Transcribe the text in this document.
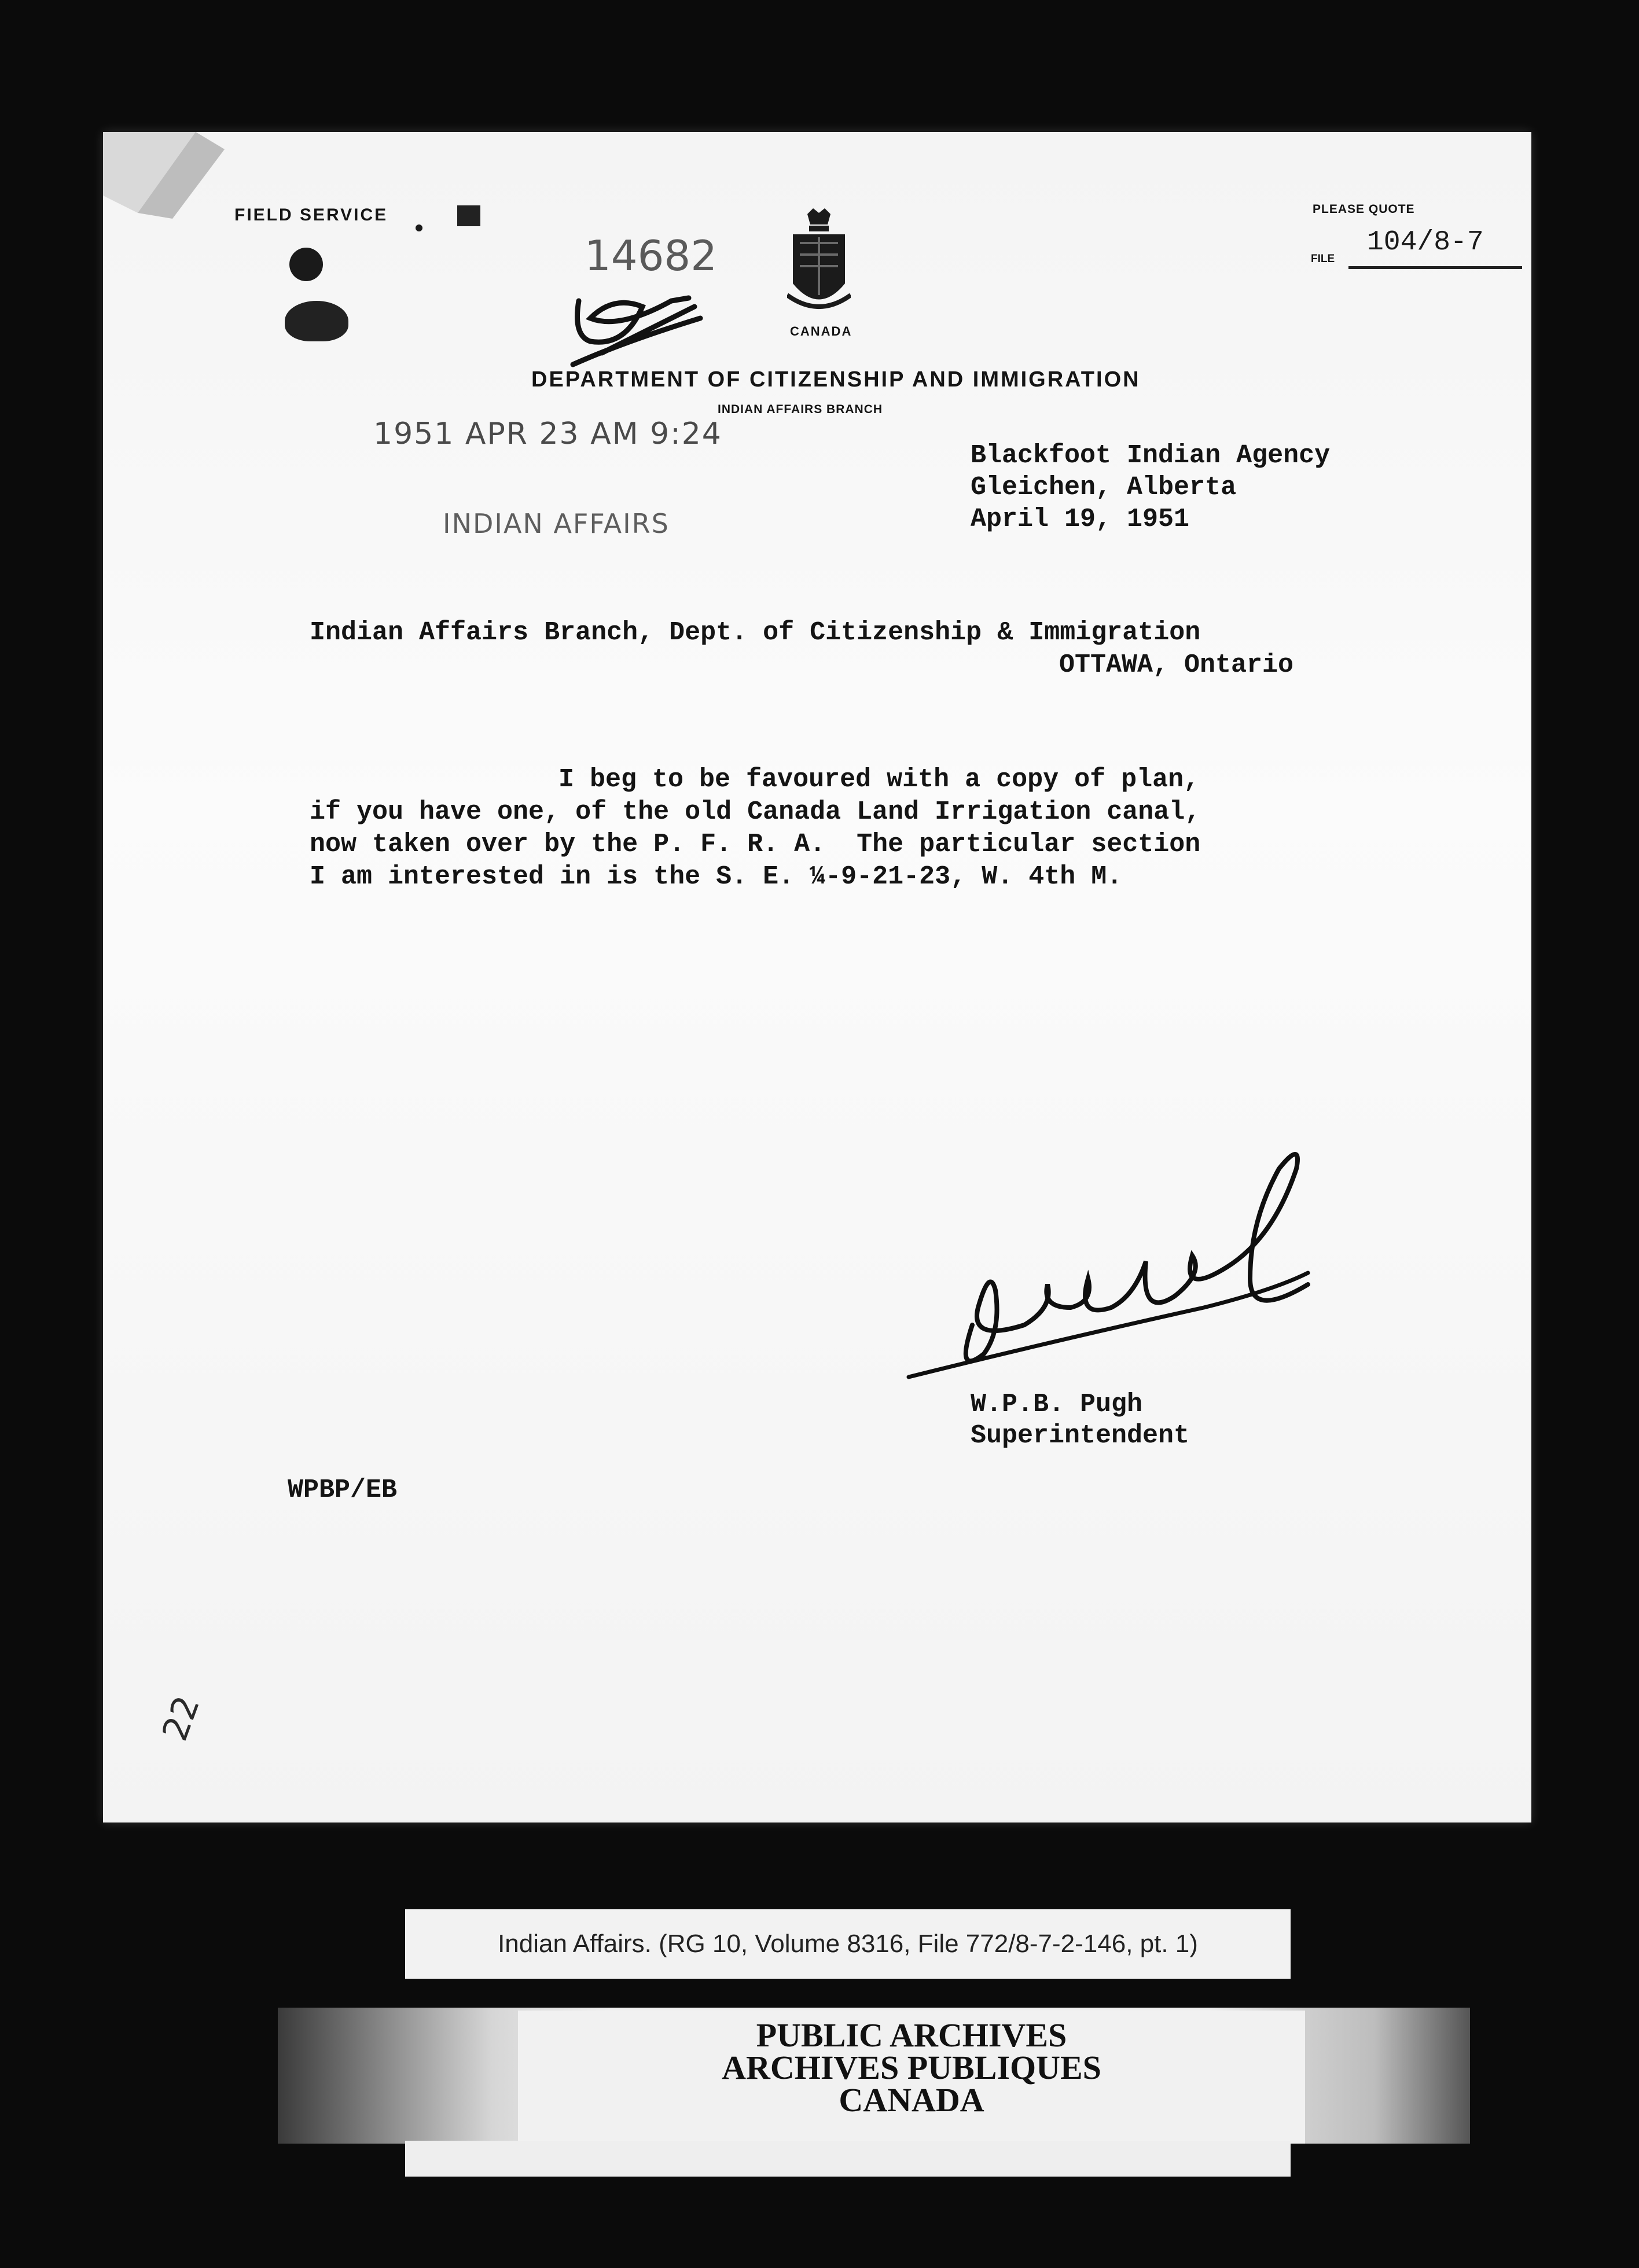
FIELD SERVICE	PLEASE QUOTE
FILE
104/8-7
CANADA
14682
DEPARTMENT OF CITIZENSHIP AND IMMIGRATION
INDIAN AFFAIRS BRANCH
1951 APR 23 AM 9:24
INDIAN AFFAIRS
Blackfoot Indian Agency
Gleichen, Alberta
April 19, 1951
Indian Affairs Branch, Dept. of Citizenship & Immigration
OTTAWA, Ontario
I beg to be favoured with a copy of plan,
if you have one, of the old Canada Land Irrigation canal,
now taken over by the P. F. R. A.  The particular section
I am interested in is the S. E. ¼-9-21-23, W. 4th M.
W.P.B. Pugh
Superintendent
WPBP/EB
22
Indian Affairs. (RG 10, Volume 8316, File 772/8-7-2-146, pt. 1)
PUBLIC ARCHIVES
ARCHIVES PUBLIQUES
CANADA
